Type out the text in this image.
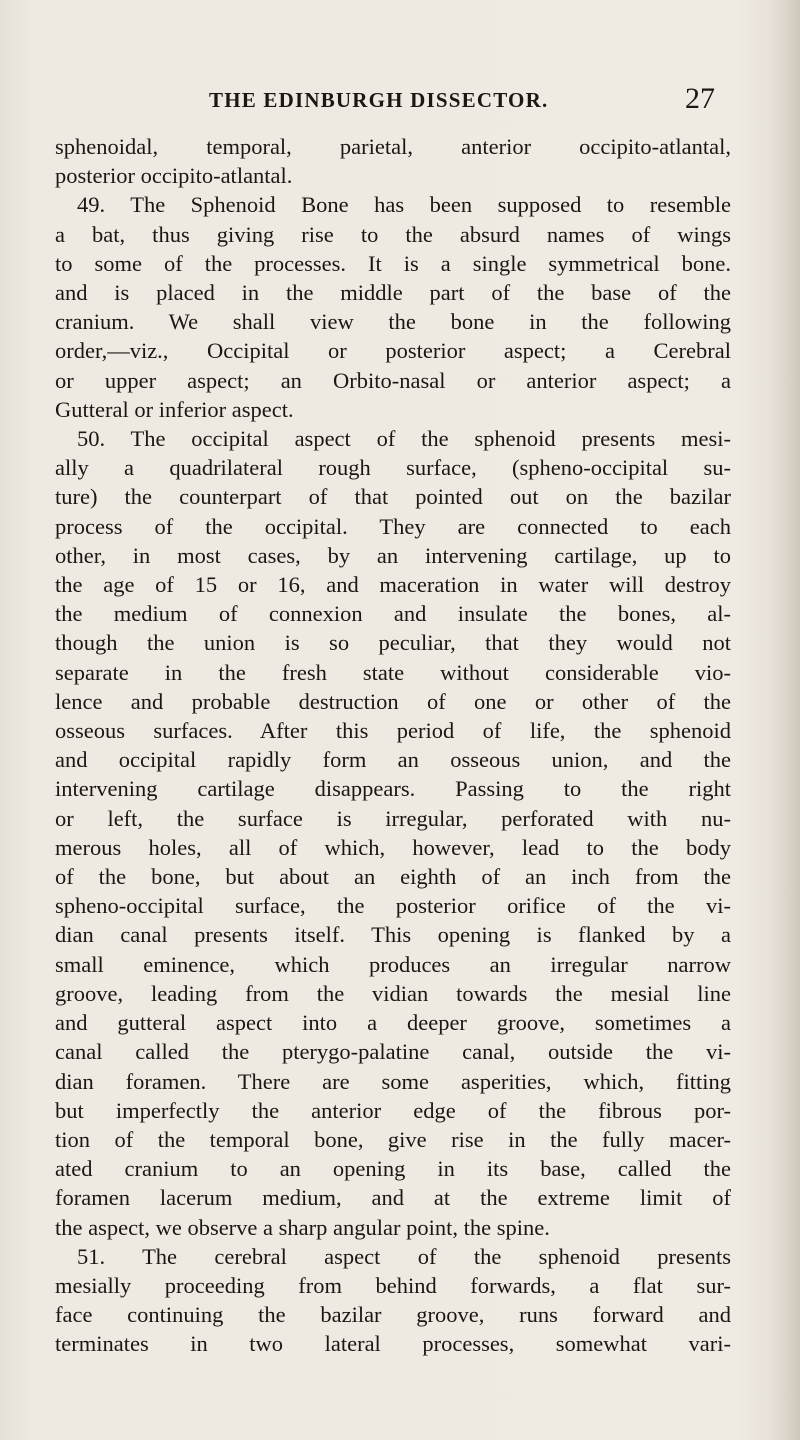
THE EDINBURGH DISSECTOR.	27
sphenoidal, temporal, parietal, anterior occipito-atlantal,
posterior occipito-atlantal.
49. The Sphenoid Bone has been supposed to resemble
a bat, thus giving rise to the absurd names of wings
to some of the processes. It is a single symmetrical bone.
and is placed in the middle part of the base of the
cranium. We shall view the bone in the following
order,—viz., Occipital or posterior aspect; a Cerebral
or upper aspect; an Orbito-nasal or anterior aspect; a
Gutteral or inferior aspect.
50. The occipital aspect of the sphenoid presents mesi-
ally a quadrilateral rough surface, (spheno-occipital su-
ture) the counterpart of that pointed out on the bazilar
process of the occipital. They are connected to each
other, in most cases, by an intervening cartilage, up to
the age of 15 or 16, and maceration in water will destroy
the medium of connexion and insulate the bones, al-
though the union is so peculiar, that they would not
separate in the fresh state without considerable vio-
lence and probable destruction of one or other of the
osseous surfaces. After this period of life, the sphenoid
and occipital rapidly form an osseous union, and the
intervening cartilage disappears. Passing to the right
or left, the surface is irregular, perforated with nu-
merous holes, all of which, however, lead to the body
of the bone, but about an eighth of an inch from the
spheno-occipital surface, the posterior orifice of the vi-
dian canal presents itself. This opening is flanked by a
small eminence, which produces an irregular narrow
groove, leading from the vidian towards the mesial line
and gutteral aspect into a deeper groove, sometimes a
canal called the pterygo-palatine canal, outside the vi-
dian foramen. There are some asperities, which, fitting
but imperfectly the anterior edge of the fibrous por-
tion of the temporal bone, give rise in the fully macer-
ated cranium to an opening in its base, called the
foramen lacerum medium, and at the extreme limit of
the aspect, we observe a sharp angular point, the spine.
51. The cerebral aspect of the sphenoid presents
mesially proceeding from behind forwards, a flat sur-
face continuing the bazilar groove, runs forward and
terminates in two lateral processes, somewhat vari-
